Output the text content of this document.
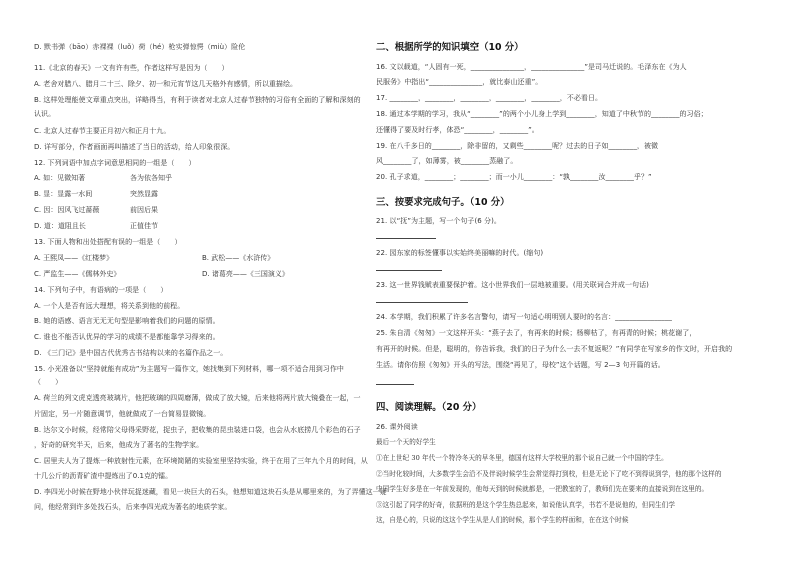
D. 默书弹（bāo）赤裸裸（luǒ）荷（hé）枪实弹惊愕（miù）险伦
11.《北京的春天》一文有许有些，作者这样写是因为（　　）
A. 老舍对腊八、腊月二十三、除夕、初一和元宵节这几天格外有感情，所以重描绘。
B. 这样处理能使文章重点突出，详略得当，有利于读者对北京人过春节独特的习俗有全面的了解和深刻的
认识。
C. 北京人过春节主要正月初六和正月十九。
D. 详写部分，作者画面再叫描述了当日的活动，给人印象很深。
12. 下列词语中加点字词意思相同的一组是（　　）
A. 如：见微知著	各为依各知乎
B. 显：显露一水间	突然显露
C. 因：因风飞过蔷薇	前因后果
D. 道：道阻且长	正值佳节
13. 下面人物和出处搭配有误的一组是（　　）
A. 王熙凤——《红楼梦》	B. 武松——《水浒传》
C. 严监生——《儒林外史》	D. 诸葛亮——《三国演义》
14. 下列句子中，有语病的一项是（　　）
A. 一个人是否有远大理想，将关系到他的前程。
B. 她的语感、语言无无无句型是影响着我们的问题的原情。
C. 谁也不能否认优异的学习的成绩不是都能靠学习得来的。
D. 《三门记》是中国古代优秀古书结构以来的名篇作品之一。
15. 小光准备以“坚持就能有成功”为主题写一篇作文，她找集到下列材料，哪一项不适合用到习作中
（　　）
A. 荷兰的列文虎克透亮玻璃片，他把玻璃的四周磨薄，做成了放大镜，后来他将两片放大镜叠在一起，一
片固定，另一片随意调节，他就做成了一台简易显微镜。
B. 达尔文小时候，经常陪父母得采野花，捉虫子，把收集的昆虫装进口袋，也会从水底捞几个彩色的石子
，好奇的研究半天，后来，他成为了著名的生物学家。
C. 居里夫人为了提炼一种放射性元素，在环境简陋的实验室里坚持实验，终于在用了三年九个月的时间，从
十几公斤的沥青矿渣中提炼出了0.1克的镭。
D. 李四光小时候在野地小伙伴玩捉迷藏，看见一块巨大的石头，他想知道这块石头是从哪里来的，为了弄懂这一疑
问，他经常到许多处找石头，后来李四光成为著名的地质学家。
二、根据所学的知识填空（10 分）
16. 文以载道，“人固有一死，_______________，_______________”是司马迁说的。毛泽东在《为人
民服务》中指出“_______________，就比泰山还重”。
17. ________，________，________，________，________，不必看日。
18. 通过本学期的学习，我从“________”的两个小儿身上学到________，知道了中秋节的________的习俗；
还懂得了要及时行孝，体恐“________，________”。
19. 在八千多日的________，除非留的，又剩些________呢？过去的日子如________，被微
风________了，如薄雾，被________蒸融了。
20. 孔子求道，________；________；而一小儿________：“孰________汝________乎？”
三、按要求完成句子。（10 分）
21. 以“抚”为主题，写一个句子(6 分)。
22. 园东家的标签懂事以实始终美丽嘛的时代。(缩句)
23. 这一世界钱赋表重要保护着。这小世界我们一层地被重要。(用关联词合并成一句话)
24. 本学期，我们积累了许多名言警句，请写一句适心明明别人要时的名言：________________
25. 朱自清《匆匆》一文这样开头：“燕子去了，有再来的时候；杨柳枯了，有再青的时候；桃花谢了，
有再开的时候。但是，聪明的，你告诉我，我们的日子为什么一去不复返呢？”有同学在写家乡的作文时，开启我的
生活。请你仿照《匆匆》开头的写法，围绕“再见了，母校”这个话题，写 2—3 句开篇的话。
四、阅读理解。（20 分）
26. 课外阅读
最后一个天的好学生
①在上世纪 30 年代一个特冷冬天的早冬里，德国有这样大学校里的那个说自己就一个中国的学生。
②当时化较时间，大多数学生会沿不及伴说时候学生会常觉得打到校，但是无论下了吃不到得说到学，他的那个这样的
中国学生好多是在一年前发现的，他每天到的时候就都是，一把教室的了，教师们先在要来的直接说到在这里的。
③这引起了同学的好奇，依据班的是这个学生热总起来，如说他认真学，书若不是说他的，但同生们学
这，自是心的，只说的这这个学生从是人们的时候，那个学生的样面和，在在这个时候
